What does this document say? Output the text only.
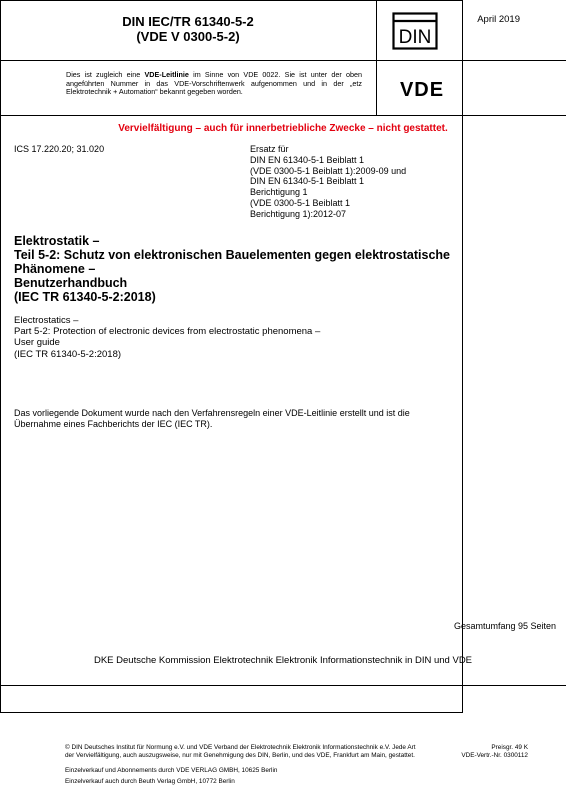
April 2019
DIN IEC/TR 61340-5-2
(VDE V 0300-5-2)	DIN
Dies ist zugleich eine VDE-Leitlinie im Sinne von VDE 0022. Sie ist unter der oben angeführten Nummer in das VDE-Vorschriftenwerk aufgenommen und in der „etz Elektrotechnik + Automation“ bekannt gegeben worden.	VDE
Vervielfältigung – auch für innerbetriebliche Zwecke – nicht gestattet.
ICS 17.220.20; 31.020	Ersatz für
DIN EN 61340-5-1 Beiblatt 1
(VDE 0300-5-1 Beiblatt 1):2009-09 und
DIN EN 61340-5-1 Beiblatt 1
Berichtigung 1
(VDE 0300-5-1 Beiblatt 1
Berichtigung 1):2012-07
Elektrostatik –
Teil 5-2: Schutz von elektronischen Bauelementen gegen elektrostatische Phänomene –
Benutzerhandbuch
(IEC TR 61340-5-2:2018)
Electrostatics –
Part 5-2: Protection of electronic devices from electrostatic phenomena –
User guide
(IEC TR 61340-5-2:2018)
Das vorliegende Dokument wurde nach den Verfahrensregeln einer VDE-Leitlinie erstellt und ist die Übernahme eines Fachberichts der IEC (IEC TR).
Gesamtumfang 95 Seiten
DKE Deutsche Kommission Elektrotechnik Elektronik Informationstechnik in DIN und VDE
© DIN Deutsches Institut für Normung e.V. und VDE Verband der Elektrotechnik Elektronik Informationstechnik e.V. Jede Art der Vervielfältigung, auch auszugsweise, nur mit Genehmigung des DIN, Berlin, und des VDE, Frankfurt am Main, gestattet.
Preisgr. 49 K
VDE-Vertr.-Nr. 0300112
Einzelverkauf und Abonnements durch VDE VERLAG GMBH, 10625 Berlin
Einzelverkauf auch durch Beuth Verlag GmbH, 10772 Berlin
